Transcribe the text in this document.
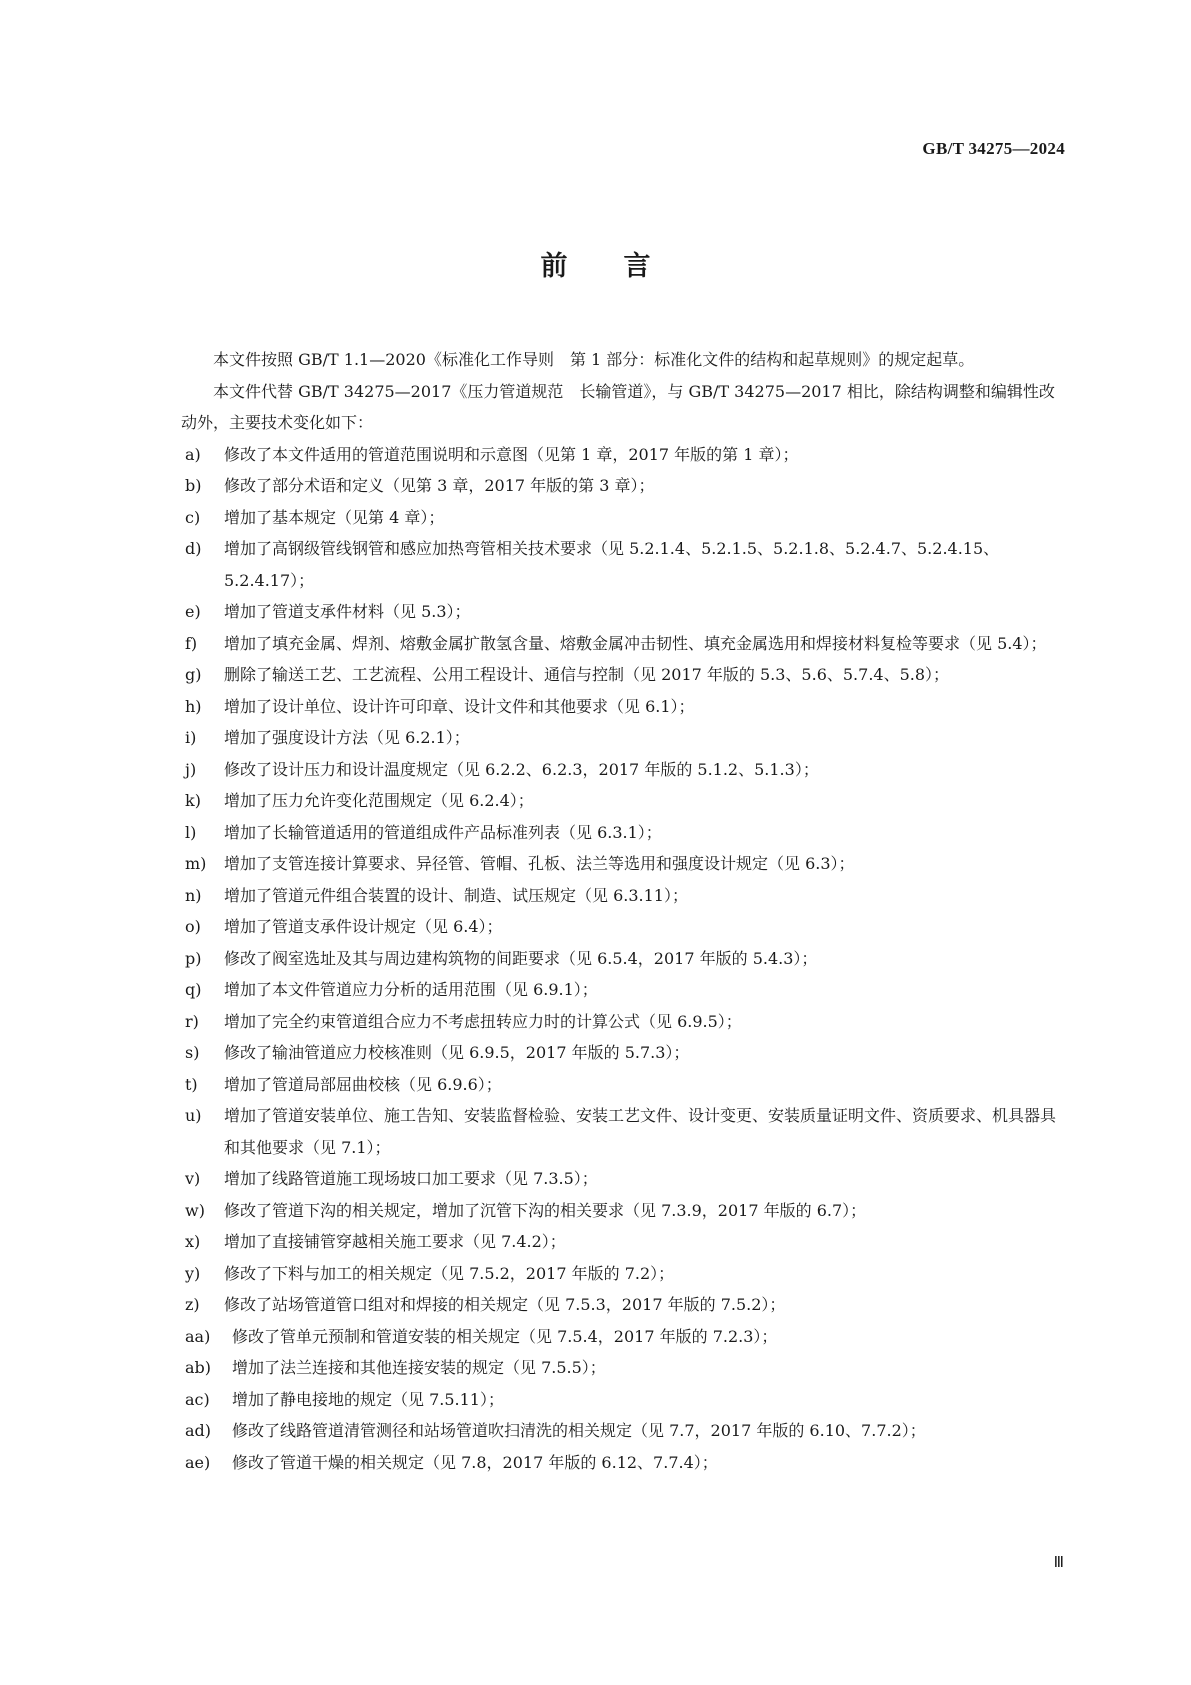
GB/T 34275—2024
前言

本文件按照 GB/T 1.1—2020《标准化工作导则　第 1 部分：标准化文件的结构和起草规则》的规定起草。

本文件代替 GB/T 34275—2017《压力管道规范　长输管道》，与 GB/T 34275—2017 相比，除结构调整和编辑性改动外，主要技术变化如下：

a) 修改了本文件适用的管道范围说明和示意图（见第 1 章，2017 年版的第 1 章）；
b) 修改了部分术语和定义（见第 3 章，2017 年版的第 3 章）；
c) 增加了基本规定（见第 4 章）；
d) 增加了高钢级管线钢管和感应加热弯管相关技术要求（见 5.2.1.4、5.2.1.5、5.2.1.8、5.2.4.7、5.2.4.15、5.2.4.17）；
e) 增加了管道支承件材料（见 5.3）；
f) 增加了填充金属、焊剂、熔敷金属扩散氢含量、熔敷金属冲击韧性、填充金属选用和焊接材料复检等要求（见 5.4）；
g) 删除了输送工艺、工艺流程、公用工程设计、通信与控制（见 2017 年版的 5.3、5.6、5.7.4、5.8）；
h) 增加了设计单位、设计许可印章、设计文件和其他要求（见 6.1）；
i) 增加了强度设计方法（见 6.2.1）；
j) 修改了设计压力和设计温度规定（见 6.2.2、6.2.3，2017 年版的 5.1.2、5.1.3）；
k) 增加了压力允许变化范围规定（见 6.2.4）；
l) 增加了长输管道适用的管道组成件产品标准列表（见 6.3.1）；
m) 增加了支管连接计算要求、异径管、管帽、孔板、法兰等选用和强度设计规定（见 6.3）；
n) 增加了管道元件组合装置的设计、制造、试压规定（见 6.3.11）；
o) 增加了管道支承件设计规定（见 6.4）；
p) 修改了阀室选址及其与周边建构筑物的间距要求（见 6.5.4，2017 年版的 5.4.3）；
q) 增加了本文件管道应力分析的适用范围（见 6.9.1）；
r) 增加了完全约束管道组合应力不考虑扭转应力时的计算公式（见 6.9.5）；
s) 修改了输油管道应力校核准则（见 6.9.5，2017 年版的 5.7.3）；
t) 增加了管道局部屈曲校核（见 6.9.6）；
u) 增加了管道安装单位、施工告知、安装监督检验、安装工艺文件、设计变更、安装质量证明文件、资质要求、机具器具和其他要求（见 7.1）；
v) 增加了线路管道施工现场坡口加工要求（见 7.3.5）；
w) 修改了管道下沟的相关规定，增加了沉管下沟的相关要求（见 7.3.9，2017 年版的 6.7）；
x) 增加了直接铺管穿越相关施工要求（见 7.4.2）；
y) 修改了下料与加工的相关规定（见 7.5.2，2017 年版的 7.2）；
z) 修改了站场管道管口组对和焊接的相关规定（见 7.5.3，2017 年版的 7.5.2）；
aa) 修改了管单元预制和管道安装的相关规定（见 7.5.4，2017 年版的 7.2.3）；
ab) 增加了法兰连接和其他连接安装的规定（见 7.5.5）；
ac) 增加了静电接地的规定（见 7.5.11）；
ad) 修改了线路管道清管测径和站场管道吹扫清洗的相关规定（见 7.7，2017 年版的 6.10、7.7.2）；
ae) 修改了管道干燥的相关规定（见 7.8，2017 年版的 6.12、7.7.4）；
Ⅲ
